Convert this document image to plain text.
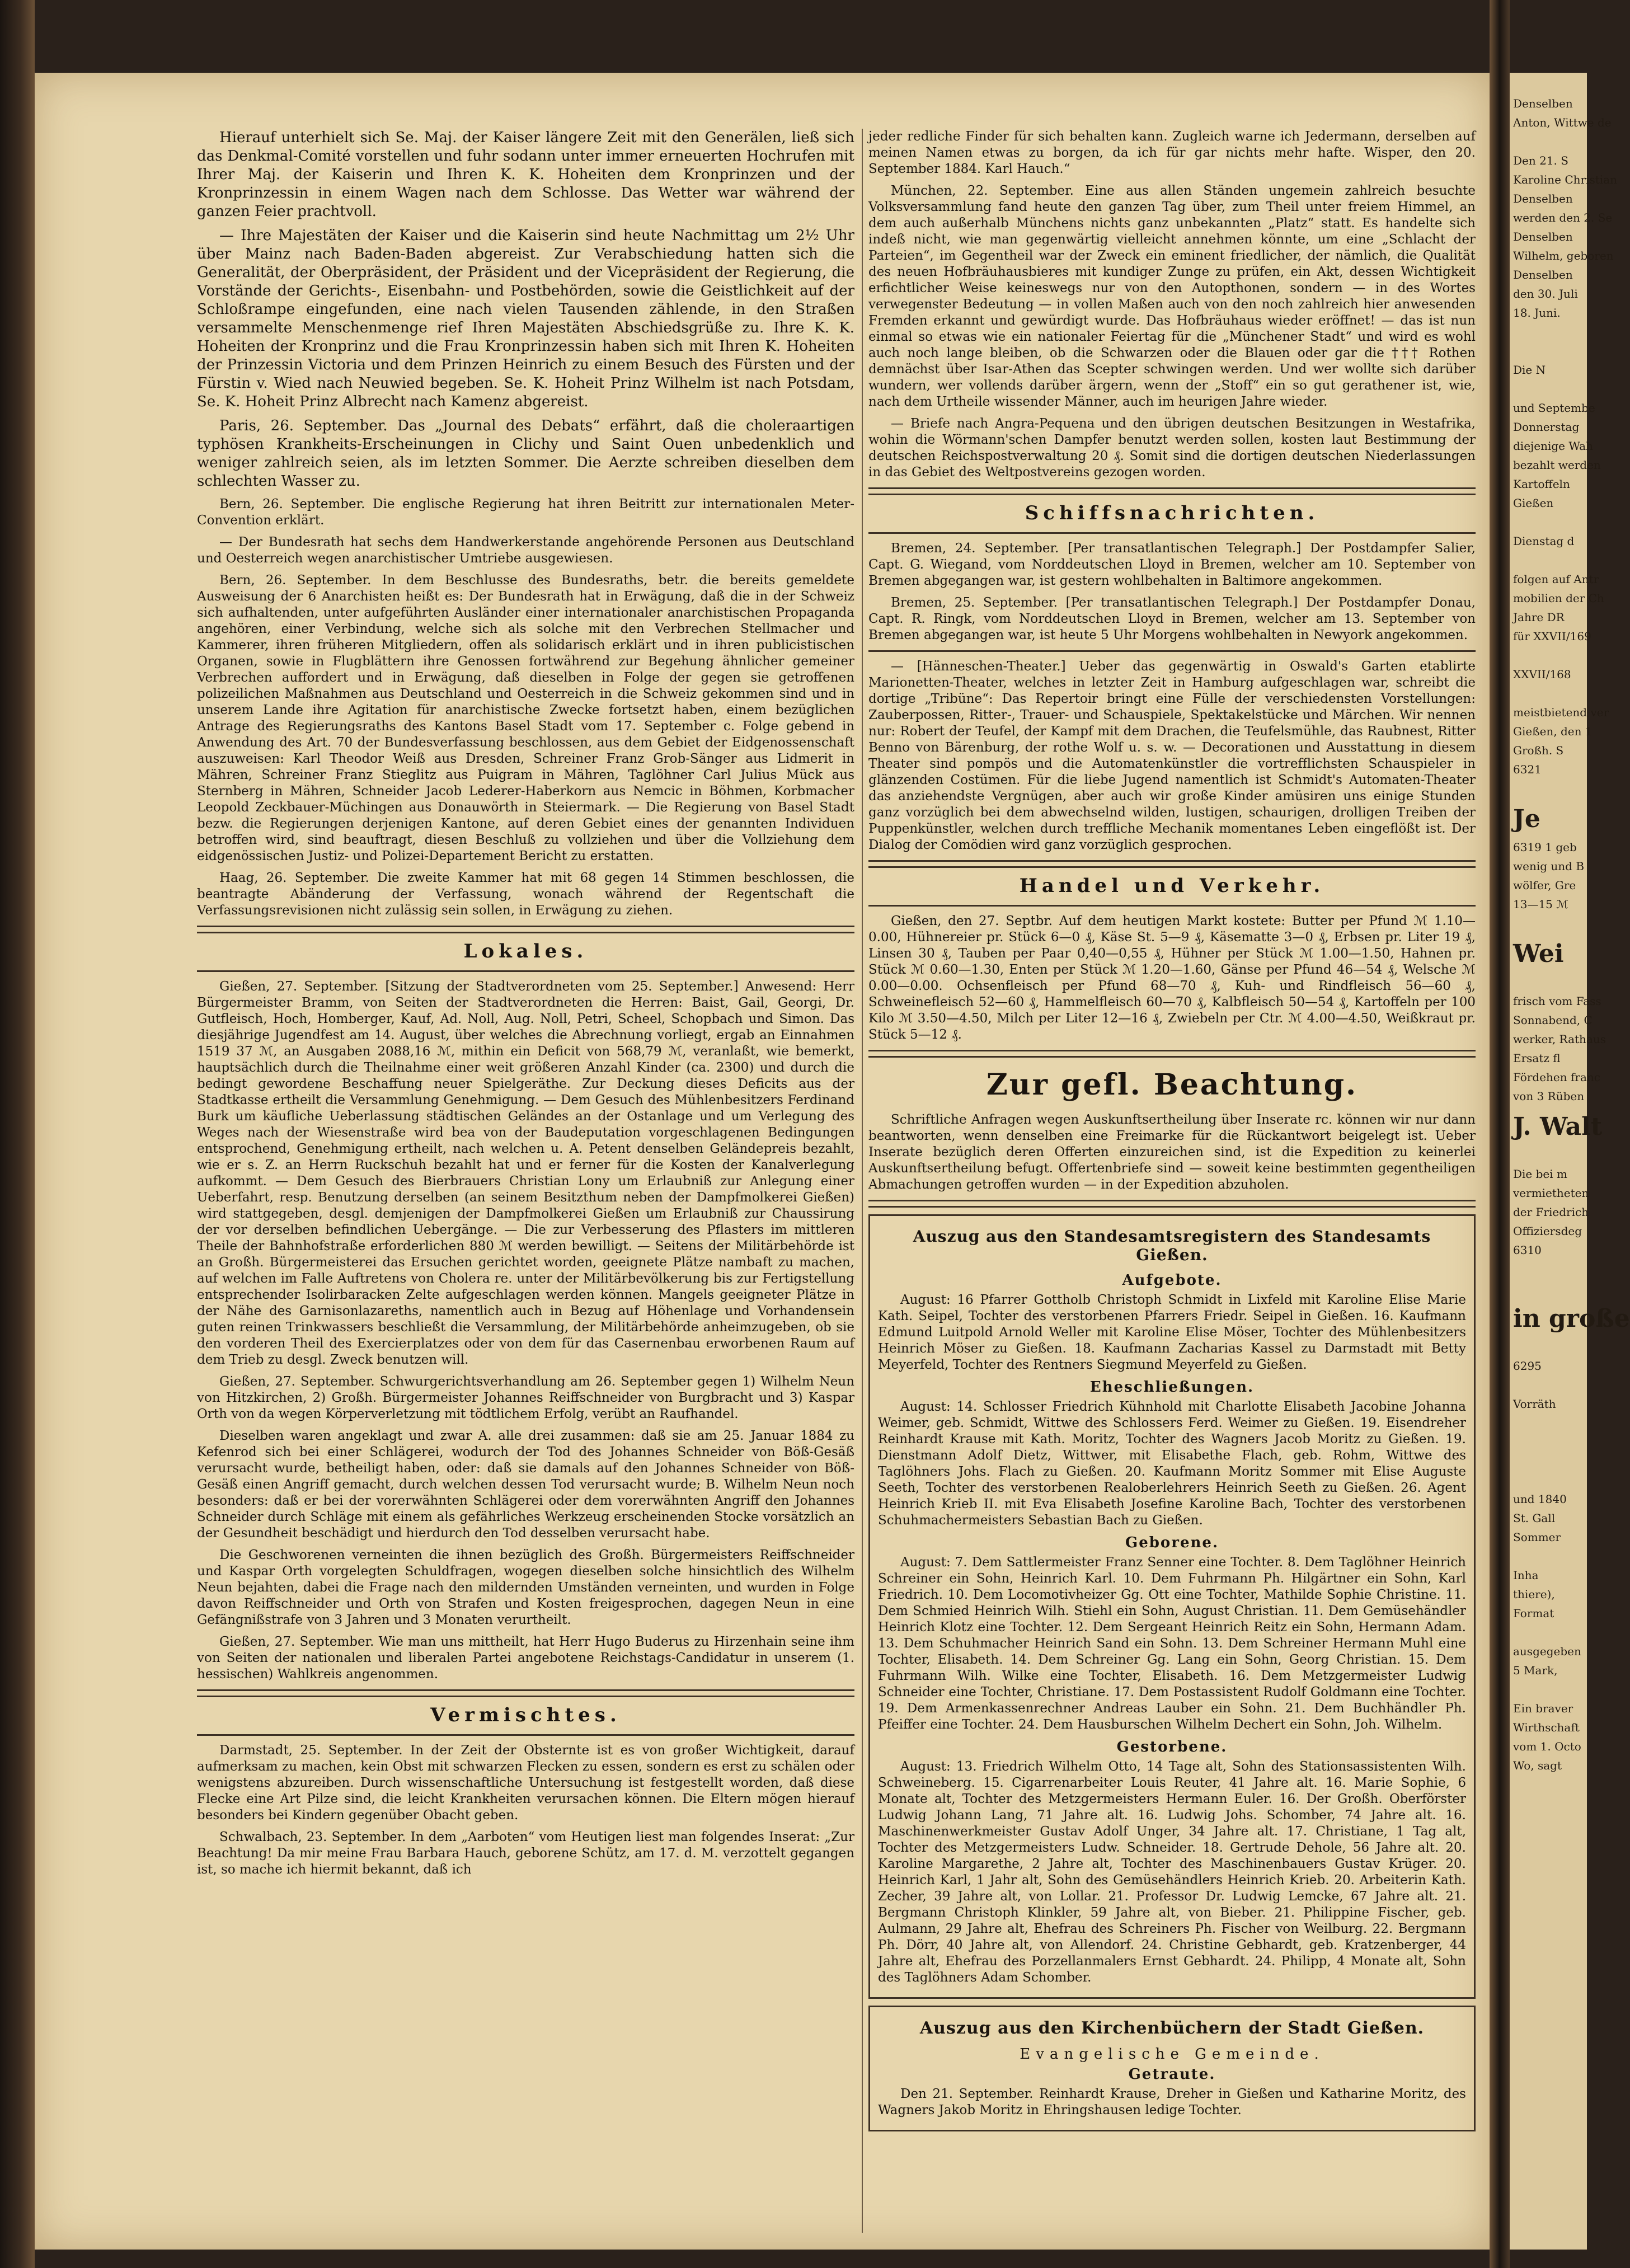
Hierauf unterhielt sich Se. Maj. der Kaiser längere Zeit mit den Generälen, ließ sich das Denkmal-Comité vorstellen und fuhr sodann unter immer erneuerten Hochrufen mit Ihrer Maj. der Kaiserin und Ihren K. K. Hoheiten dem Kronprinzen und der Kronprinzessin in einem Wagen nach dem Schlosse. Das Wetter war während der ganzen Feier prachtvoll.

— Ihre Majestäten der Kaiser und die Kaiserin sind heute Nachmittag um 2½ Uhr über Mainz nach Baden-Baden abgereist. Zur Verabschiedung hatten sich die Generalität, der Oberpräsident, der Präsident und der Vicepräsident der Regierung, die Vorstände der Gerichts-, Eisenbahn- und Postbehörden, sowie die Geistlichkeit auf der Schloßrampe eingefunden, eine nach vielen Tausenden zählende, in den Straßen versammelte Menschenmenge rief Ihren Majestäten Abschiedsgrüße zu. Ihre K. K. Hoheiten der Kronprinz und die Frau Kronprinzessin haben sich mit Ihren K. Hoheiten der Prinzessin Victoria und dem Prinzen Heinrich zu einem Besuch des Fürsten und der Fürstin v. Wied nach Neuwied begeben. Se. K. Hoheit Prinz Wilhelm ist nach Potsdam, Se. K. Hoheit Prinz Albrecht nach Kamenz abgereist.

Paris, 26. September. Das „Journal des Debats“ erfährt, daß die choleraartigen typhösen Krankheits-Erscheinungen in Clichy und Saint Ouen unbedenklich und weniger zahlreich seien, als im letzten Sommer. Die Aerzte schreiben dieselben dem schlechten Wasser zu.

Bern, 26. September. Die englische Regierung hat ihren Beitritt zur internationalen Meter-Convention erklärt.

— Der Bundesrath hat sechs dem Handwerkerstande angehörende Personen aus Deutschland und Oesterreich wegen anarchistischer Umtriebe ausgewiesen.

Bern, 26. September. In dem Beschlusse des Bundesraths, betr. die bereits gemeldete Ausweisung der 6 Anarchisten heißt es: Der Bundesrath hat in Erwägung, daß die in der Schweiz sich aufhaltenden, unter aufgeführten Ausländer einer internationaler anarchistischen Propaganda angehören, einer Verbindung, welche sich als solche mit den Verbrechen Stellmacher und Kammerer, ihren früheren Mitgliedern, offen als solidarisch erklärt und in ihren publicistischen Organen, sowie in Flugblättern ihre Genossen fortwährend zur Begehung ähnlicher gemeiner Verbrechen auffordert und in Erwägung, daß dieselben in Folge der gegen sie getroffenen polizeilichen Maßnahmen aus Deutschland und Oesterreich in die Schweiz gekommen sind und in unserem Lande ihre Agitation für anarchistische Zwecke fortsetzt haben, einem bezüglichen Antrage des Regierungsraths des Kantons Basel Stadt vom 17. September c. Folge gebend in Anwendung des Art. 70 der Bundesverfassung beschlossen, aus dem Gebiet der Eidgenossenschaft auszuweisen: Karl Theodor Weiß aus Dresden, Schreiner Franz Grob-Sänger aus Lidmerit in Mähren, Schreiner Franz Stieglitz aus Puigram in Mähren, Taglöhner Carl Julius Mück aus Sternberg in Mähren, Schneider Jacob Lederer-Haberkorn aus Nemcic in Böhmen, Korbmacher Leopold Zeckbauer-Müchingen aus Donauwörth in Steiermark. — Die Regierung von Basel Stadt bezw. die Regierungen derjenigen Kantone, auf deren Gebiet eines der genannten Individuen betroffen wird, sind beauftragt, diesen Beschluß zu vollziehen und über die Vollziehung dem eidgenössischen Justiz- und Polizei-Departement Bericht zu erstatten.

Haag, 26. September. Die zweite Kammer hat mit 68 gegen 14 Stimmen beschlossen, die beantragte Abänderung der Verfassung, wonach während der Regentschaft die Verfassungsrevisionen nicht zulässig sein sollen, in Erwägung zu ziehen.

Lokales.

Gießen, 27. September. [Sitzung der Stadtverordneten vom 25. September.] Anwesend: Herr Bürgermeister Bramm, von Seiten der Stadtverordneten die Herren: Baist, Gail, Georgi, Dr. Gutfleisch, Hoch, Homberger, Kauf, Ad. Noll, Aug. Noll, Petri, Scheel, Schopbach und Simon. Das diesjährige Jugendfest am 14. August, über welches die Abrechnung vorliegt, ergab an Einnahmen 1519 37 ℳ, an Ausgaben 2088,16 ℳ, mithin ein Deficit von 568,79 ℳ, veranlaßt, wie bemerkt, hauptsächlich durch die Theilnahme einer weit größeren Anzahl Kinder (ca. 2300) und durch die bedingt gewordene Beschaffung neuer Spielgeräthe. Zur Deckung dieses Deficits aus der Stadtkasse ertheilt die Versammlung Genehmigung. — Dem Gesuch des Mühlenbesitzers Ferdinand Burk um käufliche Ueberlassung städtischen Geländes an der Ostanlage und um Verlegung des Weges nach der Wiesenstraße wird bea von der Baudeputation vorgeschlagenen Bedingungen entsprochend, Genehmigung ertheilt, nach welchen u. A. Petent denselben Geländepreis bezahlt, wie er s. Z. an Herrn Ruckschuh bezahlt hat und er ferner für die Kosten der Kanalverlegung aufkommt. — Dem Gesuch des Bierbrauers Christian Lony um Erlaubniß zur Anlegung einer Ueberfahrt, resp. Benutzung derselben (an seinem Besitzthum neben der Dampfmolkerei Gießen) wird stattgegeben, desgl. demjenigen der Dampfmolkerei Gießen um Erlaubniß zur Chaussirung der vor derselben befindlichen Uebergänge. — Die zur Verbesserung des Pflasters im mittleren Theile der Bahnhofstraße erforderlichen 880 ℳ werden bewilligt. — Seitens der Militärbehörde ist an Großh. Bürgermeisterei das Ersuchen gerichtet worden, geeignete Plätze nambaft zu machen, auf welchen im Falle Auftretens von Cholera re. unter der Militärbevölkerung bis zur Fertigstellung entsprechender Isolirbaracken Zelte aufgeschlagen werden können. Mangels geeigneter Plätze in der Nähe des Garnisonlazareths, namentlich auch in Bezug auf Höhenlage und Vorhandensein guten reinen Trinkwassers beschließt die Versammlung, der Militärbehörde anheimzugeben, ob sie den vorderen Theil des Exercierplatzes oder von dem für das Casernenbau erworbenen Raum auf dem Trieb zu desgl. Zweck benutzen will.

Gießen, 27. September. Schwurgerichtsverhandlung am 26. September gegen 1) Wilhelm Neun von Hitzkirchen, 2) Großh. Bürgermeister Johannes Reiffschneider von Burgbracht und 3) Kaspar Orth von da wegen Körperverletzung mit tödtlichem Erfolg, verübt an Raufhandel.

Dieselben waren angeklagt und zwar A. alle drei zusammen: daß sie am 25. Januar 1884 zu Kefenrod sich bei einer Schlägerei, wodurch der Tod des Johannes Schneider von Böß-Gesäß verursacht wurde, betheiligt haben, oder: daß sie damals auf den Johannes Schneider von Böß-Gesäß einen Angriff gemacht, durch welchen dessen Tod verursacht wurde; B. Wilhelm Neun noch besonders: daß er bei der vorerwähnten Schlägerei oder dem vorerwähnten Angriff den Johannes Schneider durch Schläge mit einem als gefährliches Werkzeug erscheinenden Stocke vorsätzlich an der Gesundheit beschädigt und hierdurch den Tod desselben verursacht habe.

Die Geschworenen verneinten die ihnen bezüglich des Großh. Bürgermeisters Reiffschneider und Kaspar Orth vorgelegten Schuldfragen, wogegen dieselben solche hinsichtlich des Wilhelm Neun bejahten, dabei die Frage nach den mildernden Umständen verneinten, und wurden in Folge davon Reiffschneider und Orth von Strafen und Kosten freigesprochen, dagegen Neun in eine Gefängnißstrafe von 3 Jahren und 3 Monaten verurtheilt.

Gießen, 27. September. Wie man uns mittheilt, hat Herr Hugo Buderus zu Hirzenhain seine ihm von Seiten der nationalen und liberalen Partei angebotene Reichstags-Candidatur in unserem (1. hessischen) Wahlkreis angenommen.

Vermischtes.

Darmstadt, 25. September. In der Zeit der Obsternte ist es von großer Wichtigkeit, darauf aufmerksam zu machen, kein Obst mit schwarzen Flecken zu essen, sondern es erst zu schälen oder wenigstens abzureiben. Durch wissenschaftliche Untersuchung ist festgestellt worden, daß diese Flecke eine Art Pilze sind, die leicht Krankheiten verursachen können. Die Eltern mögen hierauf besonders bei Kindern gegenüber Obacht geben.

Schwalbach, 23. September. In dem „Aarboten“ vom Heutigen liest man folgendes Inserat: „Zur Beachtung! Da mir meine Frau Barbara Hauch, geborene Schütz, am 17. d. M. verzottelt gegangen ist, so mache ich hiermit bekannt, daß ich

jeder redliche Finder für sich behalten kann. Zugleich warne ich Jedermann, derselben auf meinen Namen etwas zu borgen, da ich für gar nichts mehr hafte. Wisper, den 20. September 1884. Karl Hauch.“

München, 22. September. Eine aus allen Ständen ungemein zahlreich besuchte Volksversammlung fand heute den ganzen Tag über, zum Theil unter freiem Himmel, an dem auch außerhalb Münchens nichts ganz unbekannten „Platz“ statt. Es handelte sich indeß nicht, wie man gegenwärtig vielleicht annehmen könnte, um eine „Schlacht der Parteien“, im Gegentheil war der Zweck ein eminent friedlicher, der nämlich, die Qualität des neuen Hofbräuhausbieres mit kundiger Zunge zu prüfen, ein Akt, dessen Wichtigkeit erfichtlicher Weise keineswegs nur von den Autopthonen, sondern — in des Wortes verwegenster Bedeutung — in vollen Maßen auch von den noch zahlreich hier anwesenden Fremden erkannt und gewürdigt wurde. Das Hofbräuhaus wieder eröffnet! — das ist nun einmal so etwas wie ein nationaler Feiertag für die „Münchener Stadt“ und wird es wohl auch noch lange bleiben, ob die Schwarzen oder die Blauen oder gar die ††† Rothen demnächst über Isar-Athen das Scepter schwingen werden. Und wer wollte sich darüber wundern, wer vollends darüber ärgern, wenn der „Stoff“ ein so gut gerathener ist, wie, nach dem Urtheile wissender Männer, auch im heurigen Jahre wieder.

— Briefe nach Angra-Pequena und den übrigen deutschen Besitzungen in Westafrika, wohin die Wörmann'schen Dampfer benutzt werden sollen, kosten laut Bestimmung der deutschen Reichspostverwaltung 20 ₰. Somit sind die dortigen deutschen Niederlassungen in das Gebiet des Weltpostvereins gezogen worden.

Schiffsnachrichten.

Bremen, 24. September. [Per transatlantischen Telegraph.] Der Postdampfer Salier, Capt. G. Wiegand, vom Norddeutschen Lloyd in Bremen, welcher am 10. September von Bremen abgegangen war, ist gestern wohlbehalten in Baltimore angekommen.

Bremen, 25. September. [Per transatlantischen Telegraph.] Der Postdampfer Donau, Capt. R. Ringk, vom Norddeutschen Lloyd in Bremen, welcher am 13. September von Bremen abgegangen war, ist heute 5 Uhr Morgens wohlbehalten in Newyork angekommen.

— [Hänneschen-Theater.] Ueber das gegenwärtig in Oswald's Garten etablirte Marionetten-Theater, welches in letzter Zeit in Hamburg aufgeschlagen war, schreibt die dortige „Tribüne“: Das Repertoir bringt eine Fülle der verschiedensten Vorstellungen: Zauberpossen, Ritter-, Trauer- und Schauspiele, Spektakelstücke und Märchen. Wir nennen nur: Robert der Teufel, der Kampf mit dem Drachen, die Teufelsmühle, das Raubnest, Ritter Benno von Bärenburg, der rothe Wolf u. s. w. — Decorationen und Ausstattung in diesem Theater sind pompös und die Automatenkünstler die vortrefflichsten Schauspieler in glänzenden Costümen. Für die liebe Jugend namentlich ist Schmidt's Automaten-Theater das anziehendste Vergnügen, aber auch wir große Kinder amüsiren uns einige Stunden ganz vorzüglich bei dem abwechselnd wilden, lustigen, schaurigen, drolligen Treiben der Puppenkünstler, welchen durch treffliche Mechanik momentanes Leben eingeflößt ist. Der Dialog der Comödien wird ganz vorzüglich gesprochen.

Handel und Verkehr.

Gießen, den 27. Septbr. Auf dem heutigen Markt kostete: Butter per Pfund ℳ 1.10—0.00, Hühnereier pr. Stück 6—0 ₰, Käse St. 5—9 ₰, Käsematte 3—0 ₰, Erbsen pr. Liter 19 ₰, Linsen 30 ₰, Tauben per Paar 0,40—0,55 ₰, Hühner per Stück ℳ 1.00—1.50, Hahnen pr. Stück ℳ 0.60—1.30, Enten per Stück ℳ 1.20—1.60, Gänse per Pfund 46—54 ₰, Welsche ℳ 0.00—0.00. Ochsenfleisch per Pfund 68—70 ₰, Kuh- und Rindfleisch 56—60 ₰, Schweinefleisch 52—60 ₰, Hammelfleisch 60—70 ₰, Kalbfleisch 50—54 ₰, Kartoffeln per 100 Kilo ℳ 3.50—4.50, Milch per Liter 12—16 ₰, Zwiebeln per Ctr. ℳ 4.00—4.50, Weißkraut pr. Stück 5—12 ₰.

Zur gefl. Beachtung.

Schriftliche Anfragen wegen Auskunftsertheilung über Inserate rc. können wir nur dann beantworten, wenn denselben eine Freimarke für die Rückantwort beigelegt ist. Ueber Inserate bezüglich deren Offerten einzureichen sind, ist die Expedition zu keinerlei Auskunftsertheilung befugt. Offertenbriefe sind — soweit keine bestimmten gegentheiligen Abmachungen getroffen wurden — in der Expedition abzuholen.

Auszug aus den Standesamtsregistern des Standesamts Gießen.
Aufgebote.

August: 16 Pfarrer Gottholb Christoph Schmidt in Lixfeld mit Karoline Elise Marie Kath. Seipel, Tochter des verstorbenen Pfarrers Friedr. Seipel in Gießen. 16. Kaufmann Edmund Luitpold Arnold Weller mit Karoline Elise Möser, Tochter des Mühlenbesitzers Heinrich Möser zu Gießen. 18. Kaufmann Zacharias Kassel zu Darmstadt mit Betty Meyerfeld, Tochter des Rentners Siegmund Meyerfeld zu Gießen.

Eheschließungen.

August: 14. Schlosser Friedrich Kühnhold mit Charlotte Elisabeth Jacobine Johanna Weimer, geb. Schmidt, Wittwe des Schlossers Ferd. Weimer zu Gießen. 19. Eisendreher Reinhardt Krause mit Kath. Moritz, Tochter des Wagners Jacob Moritz zu Gießen. 19. Dienstmann Adolf Dietz, Wittwer, mit Elisabethe Flach, geb. Rohm, Wittwe des Taglöhners Johs. Flach zu Gießen. 20. Kaufmann Moritz Sommer mit Elise Auguste Seeth, Tochter des verstorbenen Realoberlehrers Heinrich Seeth zu Gießen. 26. Agent Heinrich Krieb II. mit Eva Elisabeth Josefine Karoline Bach, Tochter des verstorbenen Schuhmachermeisters Sebastian Bach zu Gießen.

Geborene.

August: 7. Dem Sattlermeister Franz Senner eine Tochter. 8. Dem Taglöhner Heinrich Schreiner ein Sohn, Heinrich Karl. 10. Dem Fuhrmann Ph. Hilgärtner ein Sohn, Karl Friedrich. 10. Dem Locomotivheizer Gg. Ott eine Tochter, Mathilde Sophie Christine. 11. Dem Schmied Heinrich Wilh. Stiehl ein Sohn, August Christian. 11. Dem Gemüsehändler Heinrich Klotz eine Tochter. 12. Dem Sergeant Heinrich Reitz ein Sohn, Hermann Adam. 13. Dem Schuhmacher Heinrich Sand ein Sohn. 13. Dem Schreiner Hermann Muhl eine Tochter, Elisabeth. 14. Dem Schreiner Gg. Lang ein Sohn, Georg Christian. 15. Dem Fuhrmann Wilh. Wilke eine Tochter, Elisabeth. 16. Dem Metzgermeister Ludwig Schneider eine Tochter, Christiane. 17. Dem Postassistent Rudolf Goldmann eine Tochter. 19. Dem Armenkassenrechner Andreas Lauber ein Sohn. 21. Dem Buchhändler Ph. Pfeiffer eine Tochter. 24. Dem Hausburschen Wilhelm Dechert ein Sohn, Joh. Wilhelm.

Gestorbene.

August: 13. Friedrich Wilhelm Otto, 14 Tage alt, Sohn des Stationsassistenten Wilh. Schweineberg. 15. Cigarrenarbeiter Louis Reuter, 41 Jahre alt. 16. Marie Sophie, 6 Monate alt, Tochter des Metzgermeisters Hermann Euler. 16. Der Großh. Oberförster Ludwig Johann Lang, 71 Jahre alt. 16. Ludwig Johs. Schomber, 74 Jahre alt. 16. Maschinenwerkmeister Gustav Adolf Unger, 34 Jahre alt. 17. Christiane, 1 Tag alt, Tochter des Metzgermeisters Ludw. Schneider. 18. Gertrude Dehole, 56 Jahre alt. 20. Karoline Margarethe, 2 Jahre alt, Tochter des Maschinenbauers Gustav Krüger. 20. Heinrich Karl, 1 Jahr alt, Sohn des Gemüsehändlers Heinrich Krieb. 20. Arbeiterin Kath. Zecher, 39 Jahre alt, von Lollar. 21. Professor Dr. Ludwig Lemcke, 67 Jahre alt. 21. Bergmann Christoph Klinkler, 59 Jahre alt, von Bieber. 21. Philippine Fischer, geb. Aulmann, 29 Jahre alt, Ehefrau des Schreiners Ph. Fischer von Weilburg. 22. Bergmann Ph. Dörr, 40 Jahre alt, von Allendorf. 24. Christine Gebhardt, geb. Kratzenberger, 44 Jahre alt, Ehefrau des Porzellanmalers Ernst Gebhardt. 24. Philipp, 4 Monate alt, Sohn des Taglöhners Adam Schomber.

Auszug aus den Kirchenbüchern der Stadt Gießen.
Evangelische Gemeinde.
Getraute.

Den 21. September. Reinhardt Krause, Dreher in Gießen und Katharine Moritz, des Wagners Jakob Moritz in Ehringshausen ledige Tochter.

Denselben
Anton, Wittwe de

Den 21. S
Karoline Christian
Denselben
werden den 2. Se
Denselben
Wilhelm, geboren
Denselben
den 30. Juli
18. Juni.

Die N

und Septembe
Donnerstag
diejenige Wah
bezahlt werden
Kartoffeln
Gießen

Dienstag d

folgen auf Antr
mobilien der Ch
Jahre DR
für XXVII/169

XXVII/168

meistbietend ver
Gießen, den 1
Großh. S
6321

Je
6319 1 geb
wenig und B
wölfer, Gre
13—15 ℳ

Wei

frisch vom Fass
Sonnabend, C
werker, Rathaus
Ersatz fl
Fördehen franc
von 3 Rüben
J. Walt

Die bei m
vermietheten
der Friedrich
Offiziersdeg
6310

in große

6295

Vorräth

und 1840
St. Gall
Sommer

Inha
thiere),
Format

ausgegeben
5 Mark,

Ein braver
Wirthschaft
vom 1. Octo
Wo, sagt
